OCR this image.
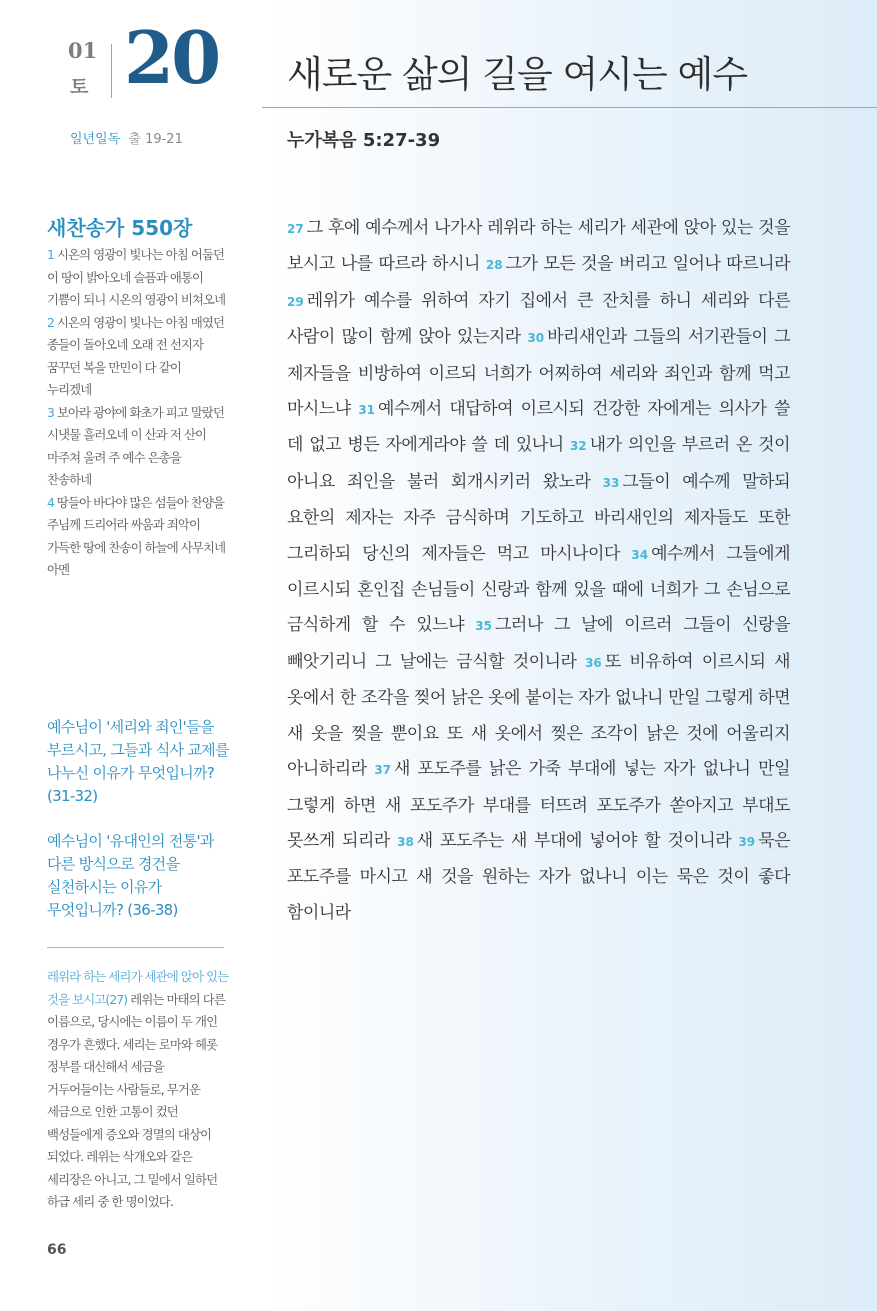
01
토 20 새로운 삶의 길을 여시는 예수
일년일독 출 19-21	누가복음 5:27-39
새찬송가 550장
1 시온의 영광이 빛나는 아침 어둡던 이 땅이 밝아오네 슬픔과 애통이 기쁨이 되니 시온의 영광이 비쳐오네
2 시온의 영광이 빛나는 아침 매였던 종들이 돌아오네 오래 전 선지자 꿈꾸던 복을 만민이 다 같이 누리겠네
3 보아라 광야에 화초가 피고 말랐던 시냇물 흘러오네 이 산과 저 산이 마주쳐 울려 주 예수 은총을 찬송하네
4 땅들아 바다야 많은 섬들아 찬양을 주님께 드리어라 싸움과 죄악이 가득한 땅에 찬송이 하늘에 사무치네 아멘
예수님이 '세리와 죄인'들을 부르시고, 그들과 식사 교제를 나누신 이유가 무엇입니까? (31-32)
예수님이 '유대인의 전통'과 다른 방식으로 경건을 실천하시는 이유가 무엇입니까? (36-38)
레위라 하는 세리가 세관에 앉아 있는 것을 보시고(27) 레위는 마태의 다른 이름으로, 당시에는 이름이 두 개인 경우가 흔했다. 세리는 로마와 헤롯 정부를 대신해서 세금을 거두어들이는 사람들로, 무거운 세금으로 인한 고통이 컸던 백성들에게 증오와 경멸의 대상이 되었다. 레위는 삭개오와 같은 세리장은 아니고, 그 밑에서 일하던 하급 세리 중 한 명이었다.
66
27 그 후에 예수께서 나가사 레위라 하는 세리가 세관에 앉아 있는 것을 보시고 나를 따르라 하시니 28 그가 모든 것을 버리고 일어나 따르니라 29 레위가 예수를 위하여 자기 집에서 큰 잔치를 하니 세리와 다른 사람이 많이 함께 앉아 있는지라 30 바리새인과 그들의 서기관들이 그 제자들을 비방하여 이르되 너희가 어찌하여 세리와 죄인과 함께 먹고 마시느냐 31 예수께서 대답하여 이르시되 건강한 자에게는 의사가 쓸 데 없고 병든 자에게라야 쓸 데 있나니 32 내가 의인을 부르러 온 것이 아니요 죄인을 불러 회개시키러 왔노라 33 그들이 예수께 말하되 요한의 제자는 자주 금식하며 기도하고 바리새인의 제자들도 또한 그리하되 당신의 제자들은 먹고 마시나이다 34 예수께서 그들에게 이르시되 혼인집 손님들이 신랑과 함께 있을 때에 너희가 그 손님으로 금식하게 할 수 있느냐 35 그러나 그 날에 이르러 그들이 신랑을 빼앗기리니 그 날에는 금식할 것이니라 36 또 비유하여 이르시되 새 옷에서 한 조각을 찢어 낡은 옷에 붙이는 자가 없나니 만일 그렇게 하면 새 옷을 찢을 뿐이요 또 새 옷에서 찢은 조각이 낡은 것에 어울리지 아니하리라 37 새 포도주를 낡은 가죽 부대에 넣는 자가 없나니 만일 그렇게 하면 새 포도주가 부대를 터뜨려 포도주가 쏟아지고 부대도 못쓰게 되리라 38 새 포도주는 새 부대에 넣어야 할 것이니라 39 묵은 포도주를 마시고 새 것을 원하는 자가 없나니 이는 묵은 것이 좋다 함이니라
